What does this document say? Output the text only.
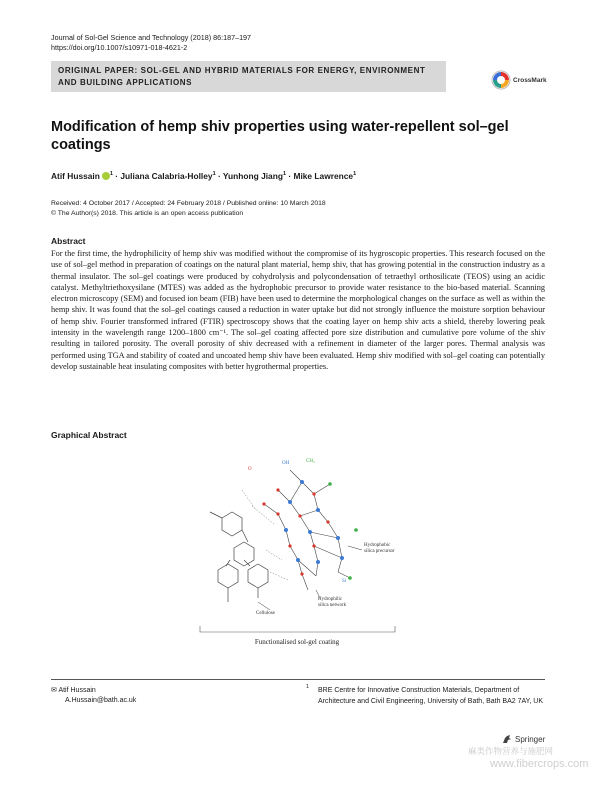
Journal of Sol-Gel Science and Technology (2018) 86:187–197
https://doi.org/10.1007/s10971-018-4621-2
ORIGINAL PAPER: SOL-GEL AND HYBRID MATERIALS FOR ENERGY, ENVIRONMENT AND BUILDING APPLICATIONS	CrossMark
Modification of hemp shiv properties using water-repellent sol–gel coatings
Atif Hussain $^1$ · Juliana Calabria-Holley$^1$ · Yunhong Jiang$^1$ · Mike Lawrence$^1$
Received: 4 October 2017 / Accepted: 24 February 2018 / Published online: 10 March 2018
© The Author(s) 2018. This article is an open access publication
Abstract
For the first time, the hydrophilicity of hemp shiv was modified without the compromise of its hygroscopic properties. This research focused on the use of sol–gel method in preparation of coatings on the natural plant material, hemp shiv, that has growing potential in the construction industry as a thermal insulator. The sol–gel coatings were produced by cohydrolysis and polycondensation of tetraethyl orthosilicate (TEOS) using an acidic catalyst. Methyltriethoxysilane (MTES) was added as the hydrophobic precursor to provide water resistance to the bio-based material. Scanning electron microscopy (SEM) and focused ion beam (FIB) have been used to determine the morphological changes on the surface as well as within the hemp shiv. It was found that the sol–gel coatings caused a reduction in water uptake but did not strongly influence the moisture sorption behaviour of hemp shiv. Fourier transformed infrared (FTIR) spectroscopy shows that the coating layer on hemp shiv acts a shield, thereby lowering peak intensity in the wavelength range 1200–1800 cm⁻¹. The sol–gel coating affected pore size distribution and cumulative pore volume of the shiv resulting in tailored porosity. The overall porosity of shiv decreased with a refinement in diameter of the larger pores. Thermal analysis was performed using TGA and stability of coated and uncoated hemp shiv have been evaluated. Hemp shiv modified with sol–gel coating can potentially develop sustainable heat insulating composites with better hygrothermal properties.
Graphical Abstract
OH	CH₃
O
Si
Hydrophobic silica precursor
Hydrophilic silica network
Cellulose
Functionalised sol-gel coating
✉ Atif Hussain
A.Hussain@bath.ac.uk
1 BRE Centre for Innovative Construction Materials, Department of Architecture and Civil Engineering, University of Bath, Bath BA2 7AY, UK
Springer
麻类作物营养与施肥网
www.fibercrops.com
